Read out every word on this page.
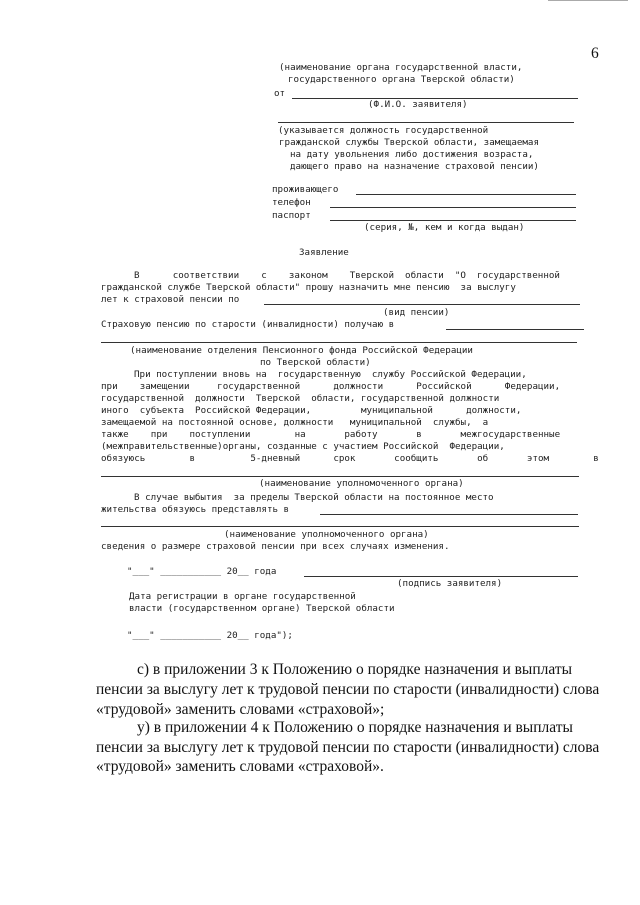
6
(наименование органа государственной власти,
государственного органа Тверской области)
от
(Ф.И.О. заявителя)
(указывается должность государственной
гражданской службы Тверской области, замещаемая
на дату увольнения либо достижения возраста,
дающего право на назначение страховой пенсии)
проживающего
телефон
паспорт
(серия, №, кем и когда выдан)
Заявление
В      соответствии    с    законом    Тверской  области  "О  государственной
гражданской службе Тверской области" прошу назначить мне пенсию  за выслугу
лет к страховой пенсии по
(вид пенсии)
Страховую пенсию по старости (инвалидности) получаю в
(наименование отделения Пенсионного фонда Российской Федерации
по Тверской области)
При поступлении вновь на  государственную  службу Российской Федерации,
при    замещении     государственной      должности      Российской      Федерации,
государственной  должности  Тверской  области, государственной должности
иного  субъекта  Российской Федерации,         муниципальной      должности,
замещаемой на постоянной основе, должности   муниципальной  службы,  а
также    при    поступлении        на       работу       в       межгосударственные
(межправительственные)органы, созданные с участием Российской  Федерации,
обязуюсь        в          5-дневный      срок       сообщить       об       этом        в
(наименование уполномоченного органа)
В случае выбытия  за пределы Тверской области на постоянное место
жительства обязуюсь представлять в
(наименование уполномоченного органа)
сведения о размере страховой пенсии при всех случаях изменения.
"___" ___________ 20__ года
(подпись заявителя)
Дата регистрации в органе государственной
власти (государственном органе) Тверской области
"___" ___________ 20__ года");
с) в приложении 3 к Положению о порядке назначения и выплаты
пенсии за выслугу лет к трудовой пенсии по старости (инвалидности) слова
«трудовой» заменить словами «страховой»;
у) в приложении 4 к Положению о порядке назначения и выплаты
пенсии за выслугу лет к трудовой пенсии по старости (инвалидности) слова
«трудовой» заменить словами «страховой».
